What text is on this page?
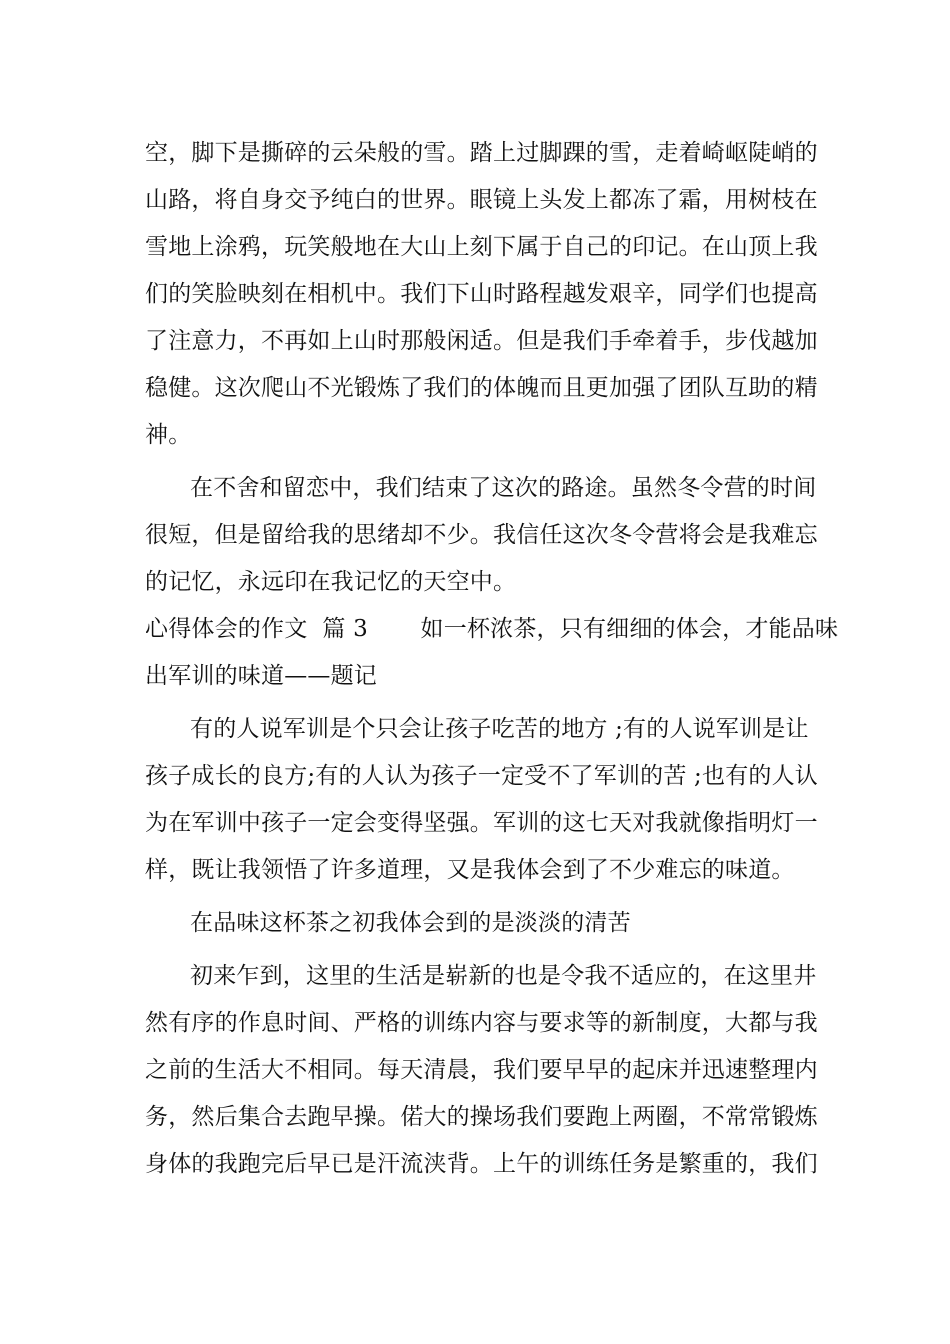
空，脚下是撕碎的云朵般的雪。踏上过脚踝的雪，走着崎岖陡峭的
山路，将自身交予纯白的世界。眼镜上头发上都冻了霜，用树枝在
雪地上涂鸦，玩笑般地在大山上刻下属于自己的印记。在山顶上我
们的笑脸映刻在相机中。我们下山时路程越发艰辛，同学们也提高
了注意力，不再如上山时那般闲适。但是我们手牵着手，步伐越加
稳健。这次爬山不光锻炼了我们的体魄而且更加强了团队互助的精
神。
在不舍和留恋中，我们结束了这次的路途。虽然冬令营的时间
很短，但是留给我的思绪却不少。我信任这次冬令营将会是我难忘
的记忆，永远印在我记忆的天空中。
心得体会的作文  篇 3       如一杯浓茶，只有细细的体会，才能品味
出军训的味道——题记
有的人说军训是个只会让孩子吃苦的地方 ;有的人说军训是让
孩子成长的良方;有的人认为孩子一定受不了军训的苦 ;也有的人认
为在军训中孩子一定会变得坚强。军训的这七天对我就像指明灯一
样，既让我领悟了许多道理，又是我体会到了不少难忘的味道。
在品味这杯茶之初我体会到的是淡淡的清苦
初来乍到，这里的生活是崭新的也是令我不适应的，在这里井
然有序的作息时间、严格的训练内容与要求等的新制度，大都与我
之前的生活大不相同。每天清晨，我们要早早的起床并迅速整理内
务，然后集合去跑早操。偌大的操场我们要跑上两圈，不常常锻炼
身体的我跑完后早已是汗流浃背。上午的训练任务是繁重的，我们
